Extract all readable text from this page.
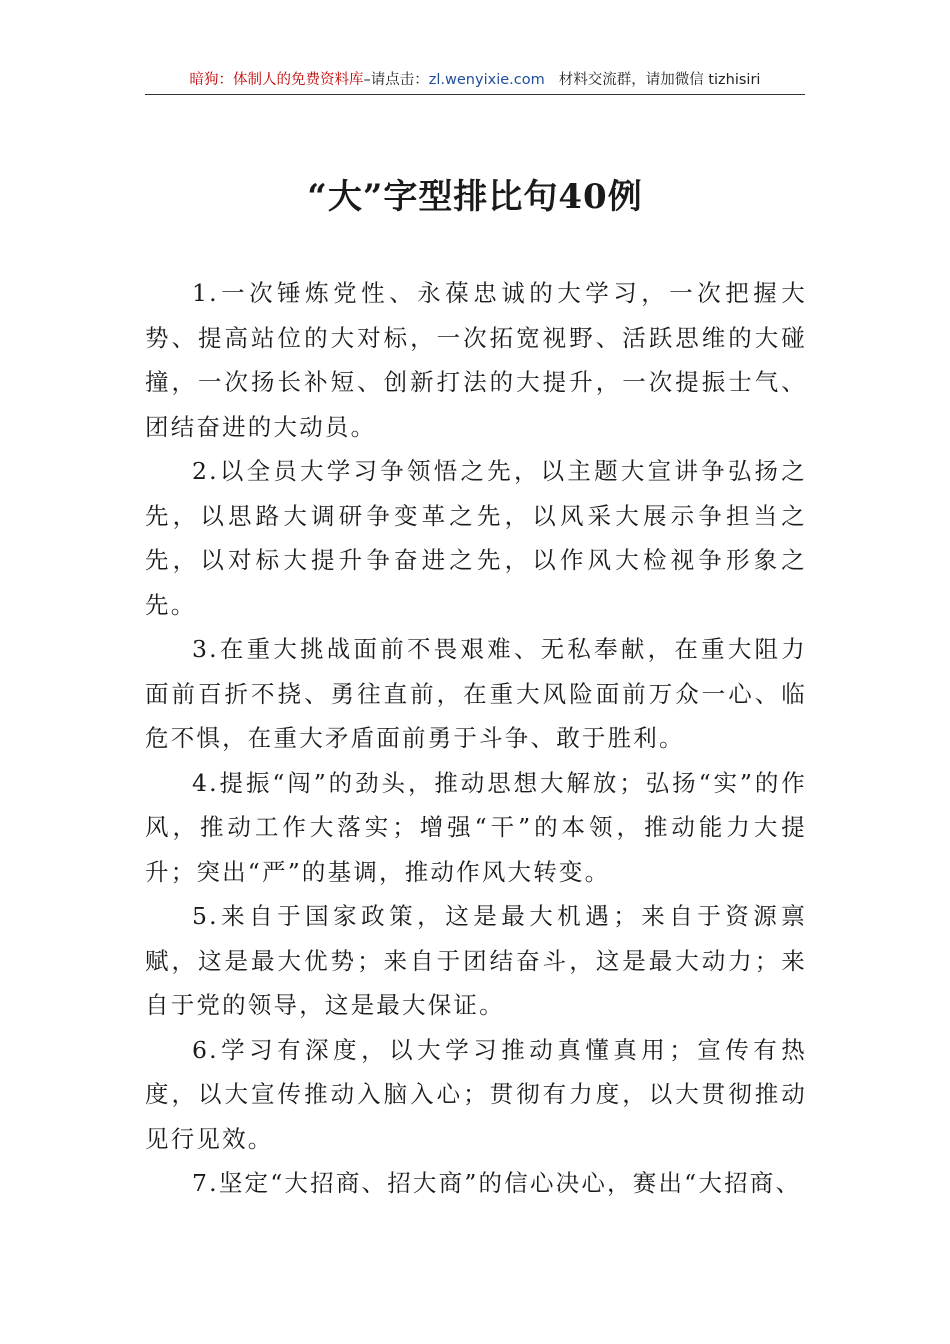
暗狗：体制人的免费资料库 –请点击： zl.wenyixie.com 材料交流群，请加微信 tizhisiri
“大”字型排比句40例

1.一次锤炼党性、永葆忠诚的大学习，一次把握大势、提高站位的大对标，一次拓宽视野、活跃思维的大碰撞，一次扬长补短、创新打法的大提升，一次提振士气、团结奋进的大动员。

2.以全员大学习争领悟之先，以主题大宣讲争弘扬之先，以思路大调研争变革之先，以风采大展示争担当之先，以对标大提升争奋进之先，以作风大检视争形象之先。

3.在重大挑战面前不畏艰难、无私奉献，在重大阻力面前百折不挠、勇往直前，在重大风险面前万众一心、临危不惧，在重大矛盾面前勇于斗争、敢于胜利。

4.提振“闯”的劲头，推动思想大解放；弘扬“实”的作风，推动工作大落实；增强“干”的本领，推动能力大提升；突出“严”的基调，推动作风大转变。

5.来自于国家政策，这是最大机遇；来自于资源禀赋，这是最大优势；来自于团结奋斗，这是最大动力；来自于党的领导，这是最大保证。

6.学习有深度，以大学习推动真懂真用；宣传有热度，以大宣传推动入脑入心；贯彻有力度，以大贯彻推动见行见效。

7.坚定“大招商、招大商”的信心决心，赛出“大招商、
